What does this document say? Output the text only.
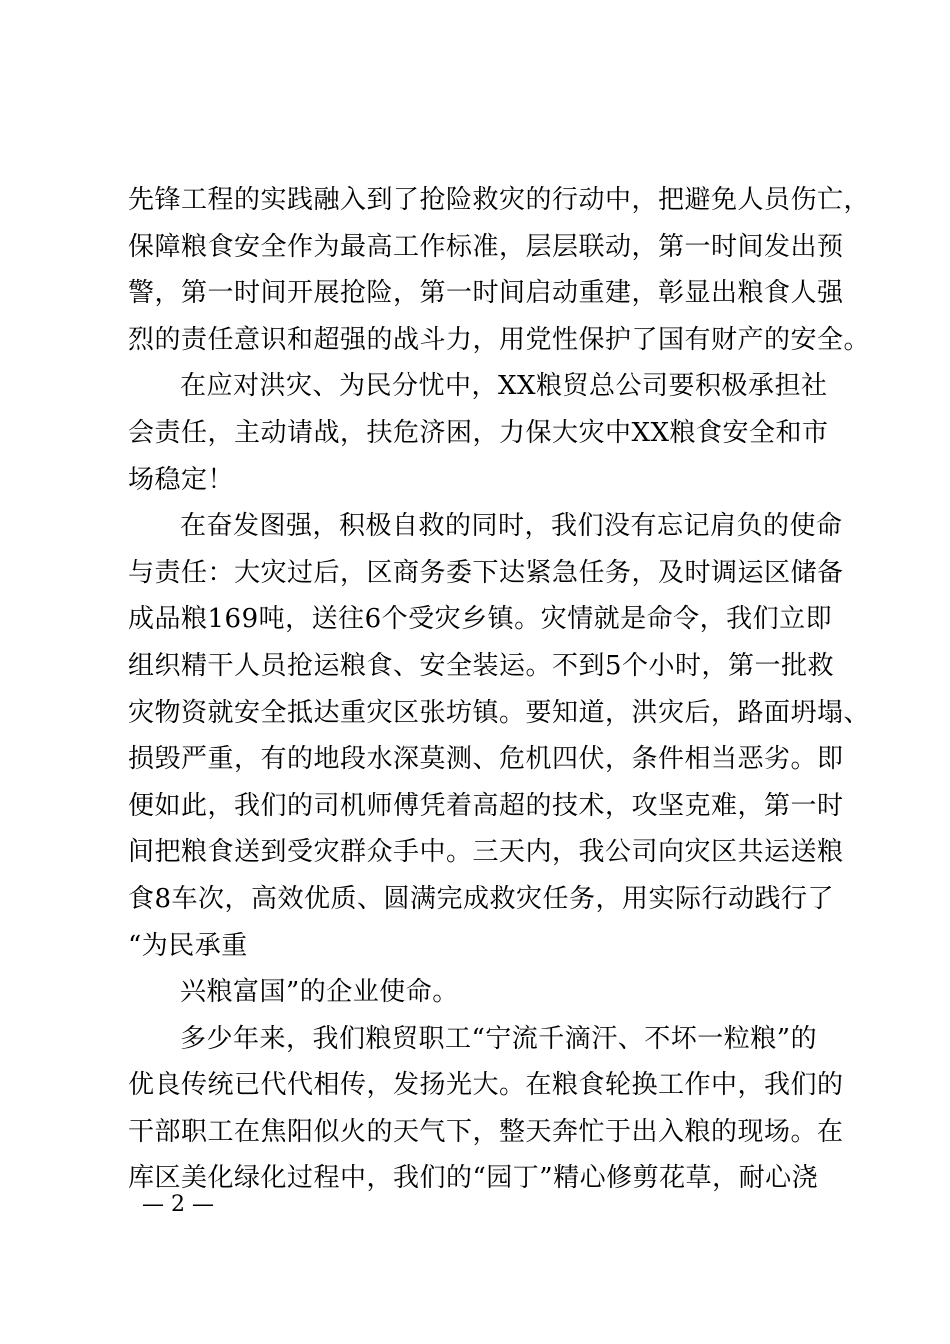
先锋工程的实践融入到了抢险救灾的行动中，把避免人员伤亡，
保障粮食安全作为最高工作标准，层层联动，第一时间发出预
警，第一时间开展抢险，第一时间启动重建，彰显出粮食人强
烈的责任意识和超强的战斗力，用党性保护了国有财产的安全。
在应对洪灾、为民分忧中，XX粮贸总公司要积极承担社
会责任，主动请战，扶危济困，力保大灾中XX粮食安全和市
场稳定！
在奋发图强，积极自救的同时，我们没有忘记肩负的使命
与责任：大灾过后，区商务委下达紧急任务，及时调运区储备
成品粮169吨，送往6个受灾乡镇。灾情就是命令，我们立即
组织精干人员抢运粮食、安全装运。不到5个小时，第一批救
灾物资就安全抵达重灾区张坊镇。要知道，洪灾后，路面坍塌、
损毁严重，有的地段水深莫测、危机四伏，条件相当恶劣。即
便如此，我们的司机师傅凭着高超的技术，攻坚克难，第一时
间把粮食送到受灾群众手中。三天内，我公司向灾区共运送粮
食8车次，高效优质、圆满完成救灾任务，用实际行动践行了
“为民承重
兴粮富国”的企业使命。
多少年来，我们粮贸职工“宁流千滴汗、不坏一粒粮”的
优良传统已代代相传，发扬光大。在粮食轮换工作中，我们的
干部职工在焦阳似火的天气下，整天奔忙于出入粮的现场。在
库区美化绿化过程中，我们的“园丁”精心修剪花草，耐心浇
— 2 —
